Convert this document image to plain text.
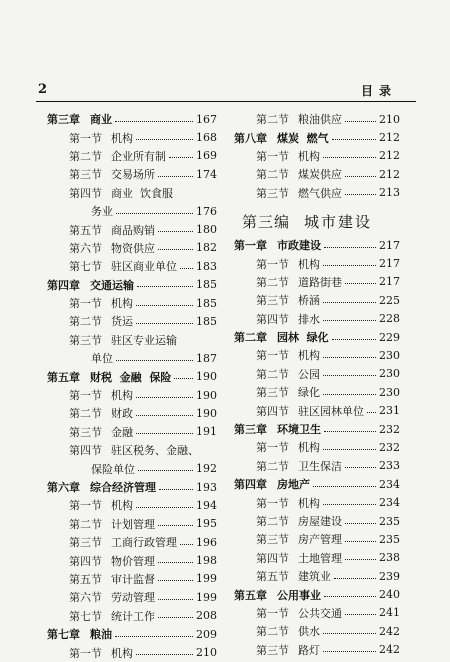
2	目录
第三章 商业	167
第一节 机构	168
第二节 企业所有制	169
第三节 交易场所	174
第四节 商业  饮食服
务业	176
第五节 商品购销	180
第六节 物资供应	182
第七节 驻区商业单位 183
第四章 交通运输	185
第一节 机构	185
第二节 货运	185
第三节 驻区专业运输
单位	187
第五章 财税  金融  保险 190
第一节 机构	190
第二节 财政	190
第三节 金融	191
第四节 驻区税务、金融、
保险单位	192
第六章 综合经济管理	193
第一节 机构	194
第二节 计划管理	195
第三节 工商行政管理 196
第四节 物价管理	198
第五节 审计监督	199
第六节 劳动管理	199
第七节 统计工作	208
第七章 粮油	209
第一节 机构	210
第二节 粮油供应	210
第八章 煤炭  燃气	212
第一节 机构	212
第二节 煤炭供应	212
第三节 燃气供应	213
第三编 城市建设
第一章 市政建设	217
第一节 机构	217
第二节 道路街巷	217
第三节 桥涵	225
第四节 排水	228
第二章 园林  绿化	229
第一节 机构	230
第二节 公园	230
第三节 绿化	230
第四节 驻区园林单位 231
第三章 环境卫生	232
第一节 机构	232
第二节 卫生保洁	233
第四章 房地产	234
第一节 机构	234
第二节 房屋建设	235
第三节 房产管理	235
第四节 土地管理	238
第五节 建筑业	239
第五章 公用事业	240
第一节 公共交通	241
第二节 供水	242
第三节 路灯	242
